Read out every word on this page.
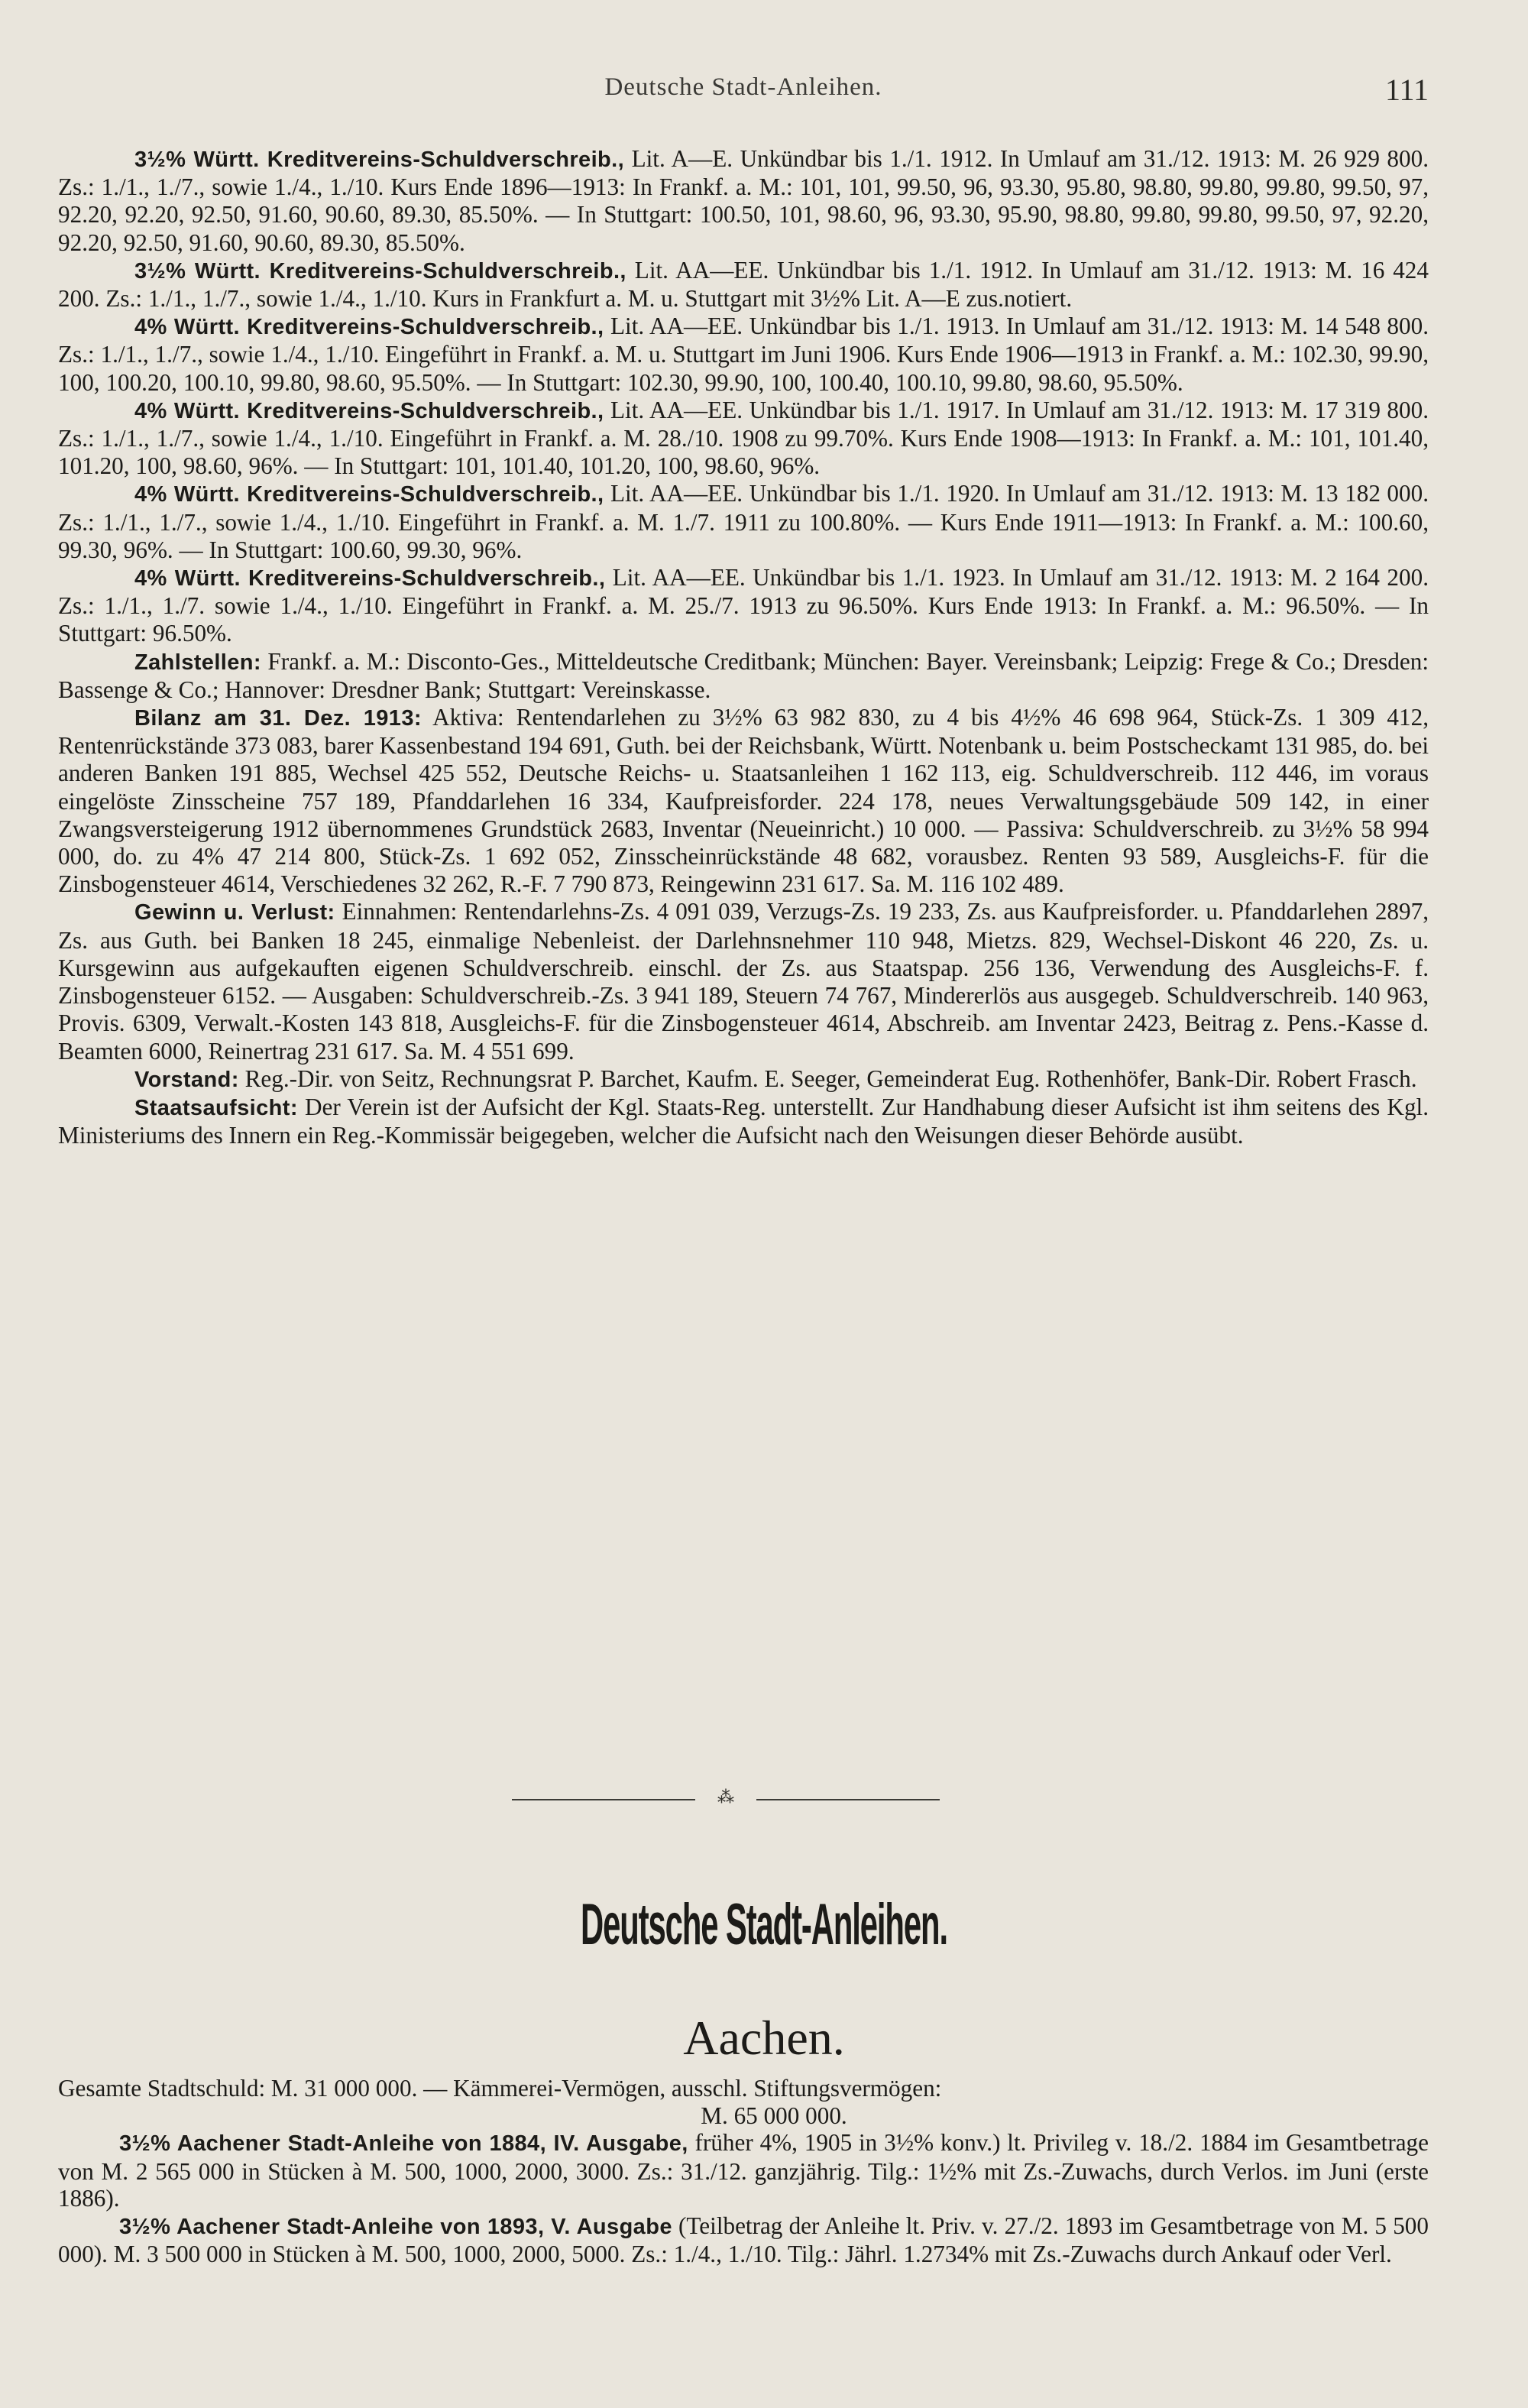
Deutsche Stadt-Anleihen.	111

3½% Württ. Kreditvereins-Schuldverschreib., Lit. A—E. Unkündbar bis 1./1. 1912. In Umlauf am 31./12. 1913: M. 26 929 800. Zs.: 1./1., 1./7., sowie 1./4., 1./10. Kurs Ende 1896—1913: In Frankf. a. M.: 101, 101, 99.50, 96, 93.30, 95.80, 98.80, 99.80, 99.80, 99.50, 97, 92.20, 92.20, 92.50, 91.60, 90.60, 89.30, 85.50%. — In Stuttgart: 100.50, 101, 98.60, 96, 93.30, 95.90, 98.80, 99.80, 99.80, 99.50, 97, 92.20, 92.20, 92.50, 91.60, 90.60, 89.30, 85.50%.

3½% Württ. Kreditvereins-Schuldverschreib., Lit. AA—EE. Unkündbar bis 1./1. 1912. In Umlauf am 31./12. 1913: M. 16 424 200. Zs.: 1./1., 1./7., sowie 1./4., 1./10. Kurs in Frankfurt a. M. u. Stuttgart mit 3½% Lit. A—E zus.notiert.

4% Württ. Kreditvereins-Schuldverschreib., Lit. AA—EE. Unkündbar bis 1./1. 1913. In Umlauf am 31./12. 1913: M. 14 548 800. Zs.: 1./1., 1./7., sowie 1./4., 1./10. Eingeführt in Frankf. a. M. u. Stuttgart im Juni 1906. Kurs Ende 1906—1913 in Frankf. a. M.: 102.30, 99.90, 100, 100.20, 100.10, 99.80, 98.60, 95.50%. — In Stuttgart: 102.30, 99.90, 100, 100.40, 100.10, 99.80, 98.60, 95.50%.

4% Württ. Kreditvereins-Schuldverschreib., Lit. AA—EE. Unkündbar bis 1./1. 1917. In Umlauf am 31./12. 1913: M. 17 319 800. Zs.: 1./1., 1./7., sowie 1./4., 1./10. Eingeführt in Frankf. a. M. 28./10. 1908 zu 99.70%. Kurs Ende 1908—1913: In Frankf. a. M.: 101, 101.40, 101.20, 100, 98.60, 96%. — In Stuttgart: 101, 101.40, 101.20, 100, 98.60, 96%.

4% Württ. Kreditvereins-Schuldverschreib., Lit. AA—EE. Unkündbar bis 1./1. 1920. In Umlauf am 31./12. 1913: M. 13 182 000. Zs.: 1./1., 1./7., sowie 1./4., 1./10. Eingeführt in Frankf. a. M. 1./7. 1911 zu 100.80%. — Kurs Ende 1911—1913: In Frankf. a. M.: 100.60, 99.30, 96%. — In Stuttgart: 100.60, 99.30, 96%.

4% Württ. Kreditvereins-Schuldverschreib., Lit. AA—EE. Unkündbar bis 1./1. 1923. In Umlauf am 31./12. 1913: M. 2 164 200. Zs.: 1./1., 1./7. sowie 1./4., 1./10. Eingeführt in Frankf. a. M. 25./7. 1913 zu 96.50%. Kurs Ende 1913: In Frankf. a. M.: 96.50%. — In Stuttgart: 96.50%.

Zahlstellen: Frankf. a. M.: Disconto-Ges., Mitteldeutsche Creditbank; München: Bayer. Vereinsbank; Leipzig: Frege & Co.; Dresden: Bassenge & Co.; Hannover: Dresdner Bank; Stuttgart: Vereinskasse.

Bilanz am 31. Dez. 1913: Aktiva: Rentendarlehen zu 3½% 63 982 830, zu 4 bis 4½% 46 698 964, Stück-Zs. 1 309 412, Rentenrückstände 373 083, barer Kassenbestand 194 691, Guth. bei der Reichsbank, Württ. Notenbank u. beim Postscheckamt 131 985, do. bei anderen Banken 191 885, Wechsel 425 552, Deutsche Reichs- u. Staatsanleihen 1 162 113, eig. Schuldverschreib. 112 446, im voraus eingelöste Zinsscheine 757 189, Pfanddarlehen 16 334, Kaufpreisforder. 224 178, neues Verwaltungsgebäude 509 142, in einer Zwangsversteigerung 1912 übernommenes Grundstück 2683, Inventar (Neueinricht.) 10 000. — Passiva: Schuldverschreib. zu 3½% 58 994 000, do. zu 4% 47 214 800, Stück-Zs. 1 692 052, Zinsscheinrückstände 48 682, vorausbez. Renten 93 589, Ausgleichs-F. für die Zinsbogensteuer 4614, Verschiedenes 32 262, R.-F. 7 790 873, Reingewinn 231 617. Sa. M. 116 102 489.

Gewinn u. Verlust: Einnahmen: Rentendarlehns-Zs. 4 091 039, Verzugs-Zs. 19 233, Zs. aus Kaufpreisforder. u. Pfanddarlehen 2897, Zs. aus Guth. bei Banken 18 245, einmalige Nebenleist. der Darlehnsnehmer 110 948, Mietzs. 829, Wechsel-Diskont 46 220, Zs. u. Kursgewinn aus aufgekauften eigenen Schuldverschreib. einschl. der Zs. aus Staatspap. 256 136, Verwendung des Ausgleichs-F. f. Zinsbogensteuer 6152. — Ausgaben: Schuldverschreib.-Zs. 3 941 189, Steuern 74 767, Mindererlös aus ausgegeb. Schuldverschreib. 140 963, Provis. 6309, Verwalt.-Kosten 143 818, Ausgleichs-F. für die Zinsbogensteuer 4614, Abschreib. am Inventar 2423, Beitrag z. Pens.-Kasse d. Beamten 6000, Reinertrag 231 617. Sa. M. 4 551 699.

Vorstand: Reg.-Dir. von Seitz, Rechnungsrat P. Barchet, Kaufm. E. Seeger, Gemeinderat Eug. Rothenhöfer, Bank-Dir. Robert Frasch.

Staatsaufsicht: Der Verein ist der Aufsicht der Kgl. Staats-Reg. unterstellt. Zur Handhabung dieser Aufsicht ist ihm seitens des Kgl. Ministeriums des Innern ein Reg.-Kommissär beigegeben, welcher die Aufsicht nach den Weisungen dieser Behörde ausübt.

⁂
Deutsche Stadt-Anleihen.
Aachen.

Gesamte Stadtschuld: M. 31 000 000. — Kämmerei-Vermögen, ausschl. Stiftungsvermögen:

M. 65 000 000.

3½% Aachener Stadt-Anleihe von 1884, IV. Ausgabe, früher 4%, 1905 in 3½% konv.) lt. Privileg v. 18./2. 1884 im Gesamtbetrage von M. 2 565 000 in Stücken à M. 500, 1000, 2000, 3000. Zs.: 31./12. ganzjährig. Tilg.: 1½% mit Zs.-Zuwachs, durch Verlos. im Juni (erste 1886).

3½% Aachener Stadt-Anleihe von 1893, V. Ausgabe (Teilbetrag der Anleihe lt. Priv. v. 27./2. 1893 im Gesamtbetrage von M. 5 500 000). M. 3 500 000 in Stücken à M. 500, 1000, 2000, 5000. Zs.: 1./4., 1./10. Tilg.: Jährl. 1.2734% mit Zs.-Zuwachs durch Ankauf oder Verl.
